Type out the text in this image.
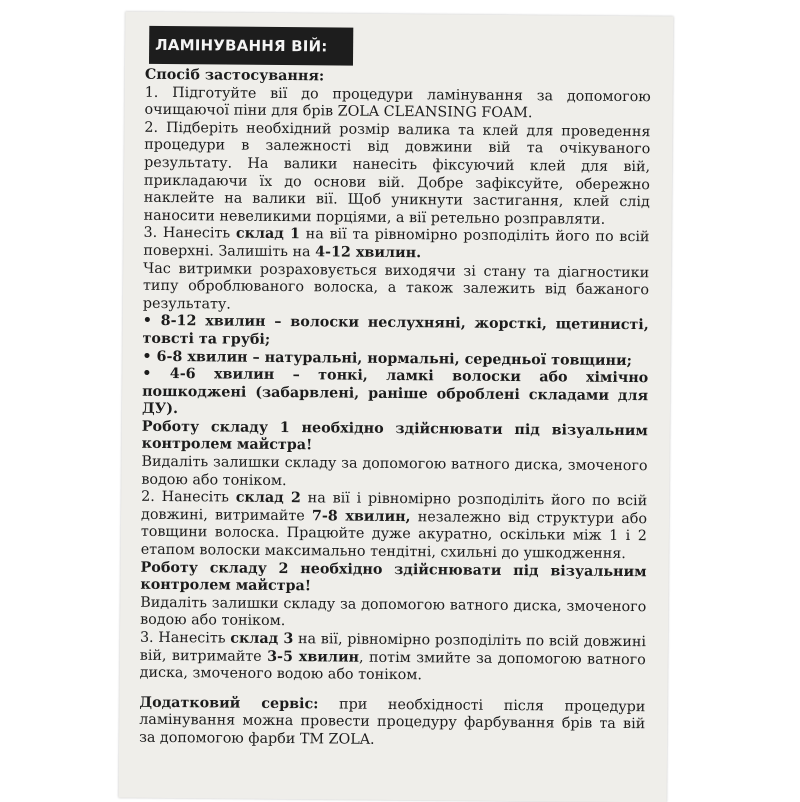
ЛАМІНУВАННЯ ВІЙ:

Спосіб застосування:

1. Підготуйте вії до процедури ламінування за допомогою очищаючої піни для брів ZOLA CLEANSING FOAM.

2. Підберіть необхідний розмір валика та клей для проведення процедури в залежності від довжини вій та очікуваного результату. На валики нанесіть фіксуючий клей для вій, прикладаючи їх до основи вій. Добре зафіксуйте, обережно наклейте на валики вії. Щоб уникнути застигання, клей слід наносити невеликими порціями, а вії ретельно розправляти.

3. Нанесіть склад 1 на вії та рівномірно розподіліть його по всій поверхні. Залишіть на 4-12 хвилин.

Час витримки розраховується виходячи зі стану та діагностики типу оброблюваного волоска, а також залежить від бажаного результату.

• 8-12 хвилин – волоски неслухняні, жорсткі, щетинисті, товсті та грубі;

• 6-8 хвилин – натуральні, нормальні, середньої товщини;

• 4-6 хвилин – тонкі, ламкі волоски або хімічно пошкоджені (забарвлені, раніше оброблені складами для ДУ).

Роботу складу 1 необхідно здійснювати під візуальним контролем майстра!

Видаліть залишки складу за допомогою ватного диска, змоченого водою або тоніком.

2. Нанесіть склад 2 на вії і рівномірно розподіліть його по всій довжині, витримайте 7-8 хвилин, незалежно від структури або товщини волоска. Працюйте дуже акуратно, оскільки між 1 і 2 етапом волоски максимально тендітні, схильні до ушкодження.

Роботу складу 2 необхідно здійснювати під візуальним контролем майстра!

Видаліть залишки складу за допомогою ватного диска, змоченого водою або тоніком.

3. Нанесіть склад 3 на вії, рівномірно розподіліть по всій довжині вій, витримайте 3-5 хвилин, потім змийте за допомогою ватного диска, змоченого водою або тоніком.

Додатковий сервіс: при необхідності після процедури ламінування можна провести процедуру фарбування брів та вій за допомогою фарби ТМ ZOLA.
